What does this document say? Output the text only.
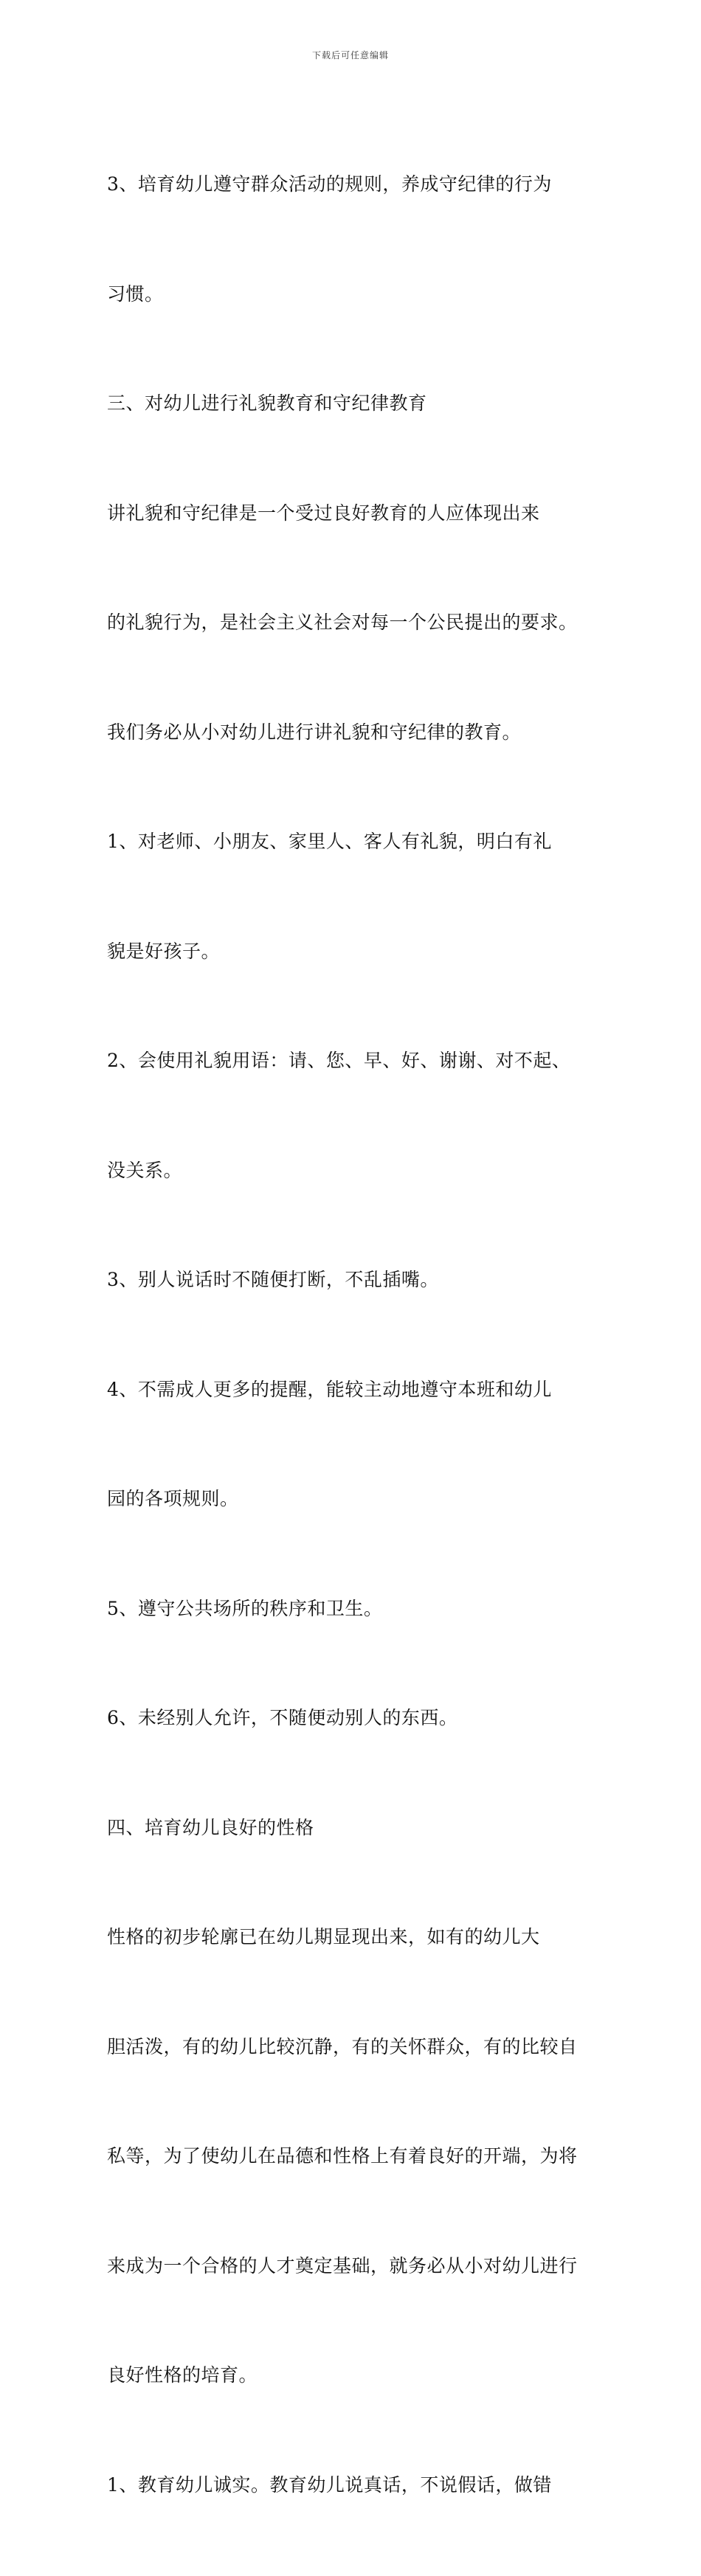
下载后可任意编辑

3、培育幼儿遵守群众活动的规则，养成守纪律的行为

习惯。

三、对幼儿进行礼貌教育和守纪律教育

讲礼貌和守纪律是一个受过良好教育的人应体现出来

的礼貌行为，是社会主义社会对每一个公民提出的要求。

我们务必从小对幼儿进行讲礼貌和守纪律的教育。

1、对老师、小朋友、家里人、客人有礼貌，明白有礼

貌是好孩子。

2、会使用礼貌用语：请、您、早、好、谢谢、对不起、

没关系。

3、别人说话时不随便打断，不乱插嘴。

4、不需成人更多的提醒，能较主动地遵守本班和幼儿

园的各项规则。

5、遵守公共场所的秩序和卫生。

6、未经别人允许，不随便动别人的东西。

四、培育幼儿良好的性格

性格的初步轮廓已在幼儿期显现出来，如有的幼儿大

胆活泼，有的幼儿比较沉静，有的关怀群众，有的比较自

私等，为了使幼儿在品德和性格上有着良好的开端，为将

来成为一个合格的人才奠定基础，就务必从小对幼儿进行

良好性格的培育。

1、教育幼儿诚实。教育幼儿说真话，不说假话，做错
